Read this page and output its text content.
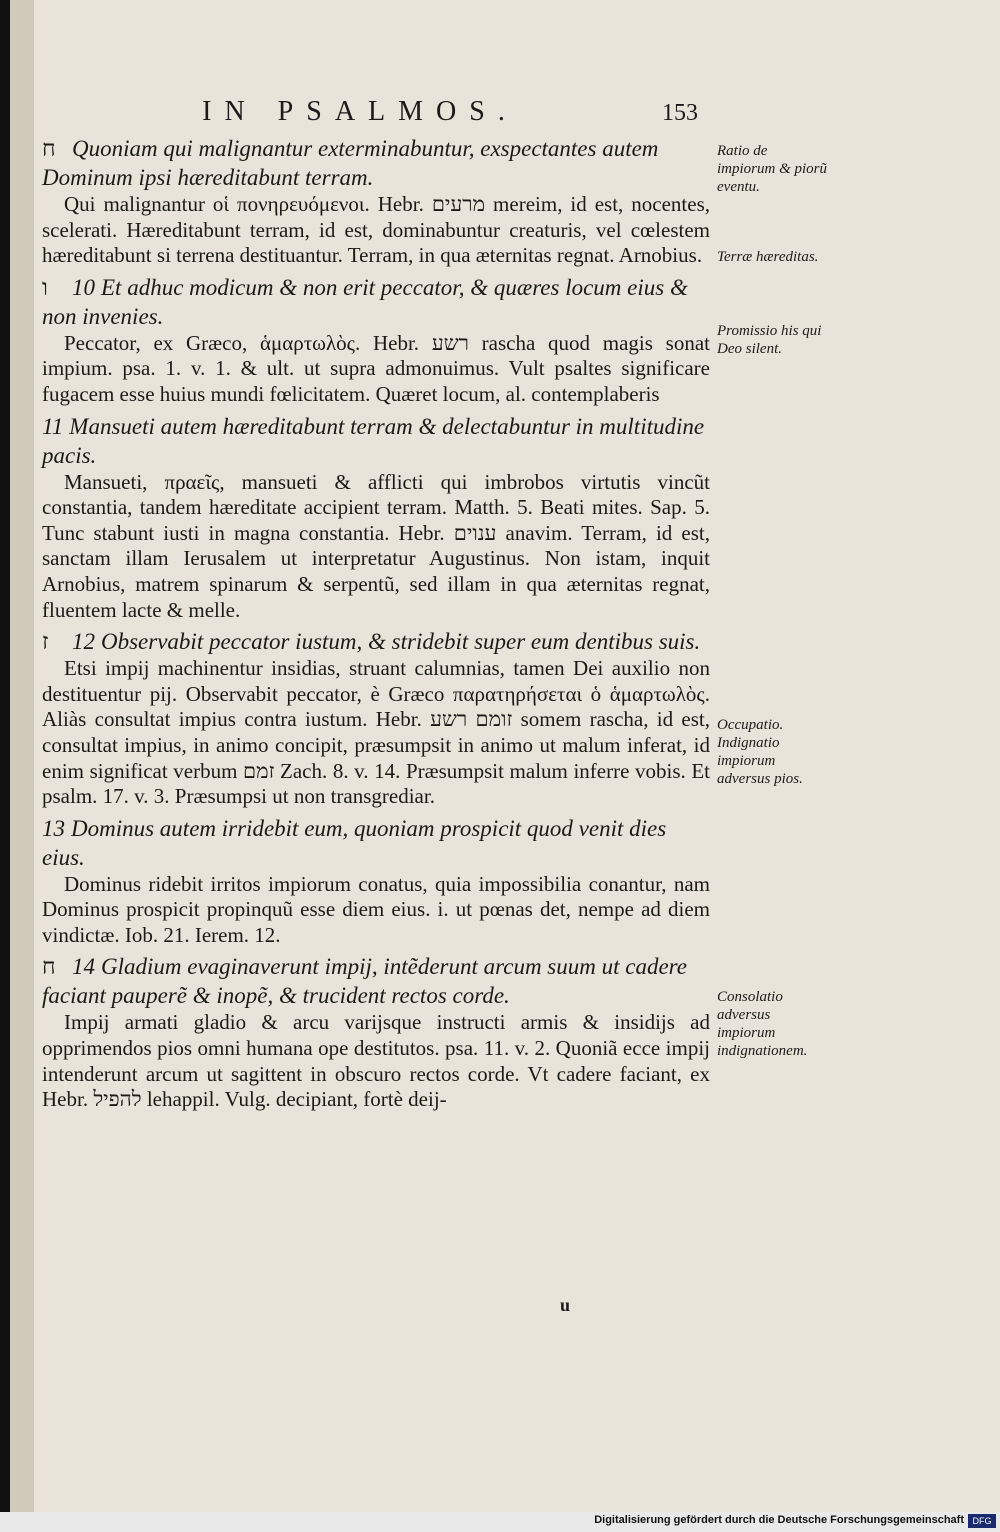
IN PSALMOS.	153

ח Quoniam qui malignantur exterminabuntur, exspectantes autem Dominum ipsi hæreditabunt terram.

Qui malignantur οἱ πονηρευόμενοι. Hebr. מרעים mereim, id est, nocentes, scelerati. Hæreditabunt terram, id est, dominabuntur creaturis, vel cœlestem hæreditabunt si terrena destituantur. Terram, in qua æternitas regnat. Arnobius.

ו 10 Et adhuc modicum & non erit peccator, & quæres locum eius & non invenies.

Peccator, ex Græco, ἁμαρτωλὸς. Hebr. רשע rascha quod magis sonat impium. psa. 1. v. 1. & ult. ut supra admonuimus. Vult psaltes significare fugacem esse huius mundi fœlicitatem. Quæret locum, al. contemplaberis

11 Mansueti autem hæreditabunt terram & delectabuntur in multitudine pacis.

Mansueti, πραεῖς, mansueti & afflicti qui imbrobos virtutis vincũt constantia, tandem hæreditate accipient terram. Matth. 5. Beati mites. Sap. 5. Tunc stabunt iusti in magna constantia. Hebr. ענוים anavim. Terram, id est, sanctam illam Ierusalem ut interpretatur Augustinus. Non istam, inquit Arnobius, matrem spinarum & serpentũ, sed illam in qua æternitas regnat, fluentem lacte & melle.

ז 12 Observabit peccator iustum, & stridebit super eum dentibus suis.

Etsi impij machinentur insidias, struant calumnias, tamen Dei auxilio non destituentur pij. Observabit peccator, è Græco παρατηρήσεται ὁ ἁμαρτωλὸς. Aliàs consultat impius contra iustum. Hebr. זומם רשע somem rascha, id est, consultat impius, in animo concipit, præsumpsit in animo ut malum inferat, id enim significat verbum זמם Zach. 8. v. 14. Præsumpsit malum inferre vobis. Et psalm. 17. v. 3. Præsumpsi ut non transgrediar.

13 Dominus autem irridebit eum, quoniam prospicit quod venit dies eius.

Dominus ridebit irritos impiorum conatus, quia impossibilia conantur, nam Dominus prospicit propinquũ esse diem eius. i. ut pœnas det, nempe ad diem vindictæ. Iob. 21. Ierem. 12.

ח 14 Gladium evaginaverunt impij, intẽderunt arcum suum ut cadere faciant pauperẽ & inopẽ, & trucident rectos corde.

Impij armati gladio & arcu varijsque instructi armis & insidijs ad opprimendos pios omni humana ope destitutos. psa. 11. v. 2. Quoniã ecce impij intenderunt arcum ut sagittent in obscuro rectos corde. Vt cadere faciant, ex Hebr. להפיל lehappil. Vulg. decipiant, fortè deij-

u
Ratio de impiorum & piorũ eventu.
Terræ hæreditas.
Promissio his qui Deo silent.
Occupatio. Indignatio impiorum adversus pios.
Consolatio adversus impiorum indignationem.
Digitalisierung gefördert durch die Deutsche Forschungsgemeinschaft DFG
